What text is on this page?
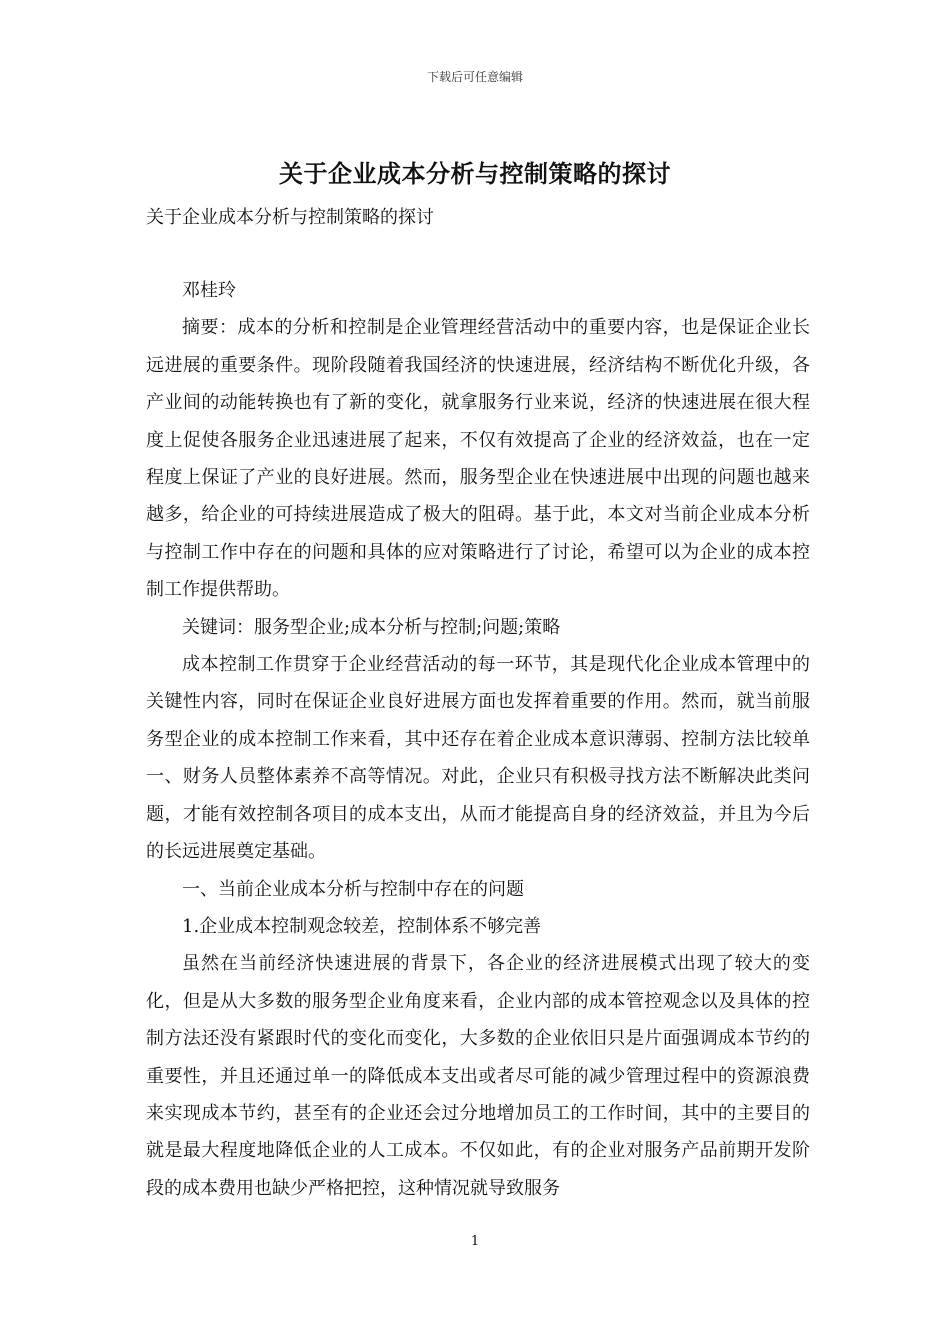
下载后可任意编辑
关于企业成本分析与控制策略的探讨
关于企业成本分析与控制策略的探讨

邓桂玲

摘要：成本的分析和控制是企业管理经营活动中的重要内容，也是保证企业长远进展的重要条件。现阶段随着我国经济的快速进展，经济结构不断优化升级，各产业间的动能转换也有了新的变化，就拿服务行业来说，经济的快速进展在很大程度上促使各服务企业迅速进展了起来，不仅有效提高了企业的经济效益，也在一定程度上保证了产业的良好进展。然而，服务型企业在快速进展中出现的问题也越来越多，给企业的可持续进展造成了极大的阻碍。基于此，本文对当前企业成本分析与控制工作中存在的问题和具体的应对策略进行了讨论，希望可以为企业的成本控制工作提供帮助。

关键词：服务型企业;成本分析与控制;问题;策略

成本控制工作贯穿于企业经营活动的每一环节，其是现代化企业成本管理中的关键性内容，同时在保证企业良好进展方面也发挥着重要的作用。然而，就当前服务型企业的成本控制工作来看，其中还存在着企业成本意识薄弱、控制方法比较单一、财务人员整体素养不高等情况。对此，企业只有积极寻找方法不断解决此类问题，才能有效控制各项目的成本支出，从而才能提高自身的经济效益，并且为今后的长远进展奠定基础。

一、当前企业成本分析与控制中存在的问题

1.企业成本控制观念较差，控制体系不够完善

虽然在当前经济快速进展的背景下，各企业的经济进展模式出现了较大的变化，但是从大多数的服务型企业角度来看，企业内部的成本管控观念以及具体的控制方法还没有紧跟时代的变化而变化，大多数的企业依旧只是片面强调成本节约的重要性，并且还通过单一的降低成本支出或者尽可能的减少管理过程中的资源浪费来实现成本节约，甚至有的企业还会过分地增加员工的工作时间，其中的主要目的就是最大程度地降低企业的人工成本。不仅如此，有的企业对服务产品前期开发阶段的成本费用也缺少严格把控，这种情况就导致服务

1
